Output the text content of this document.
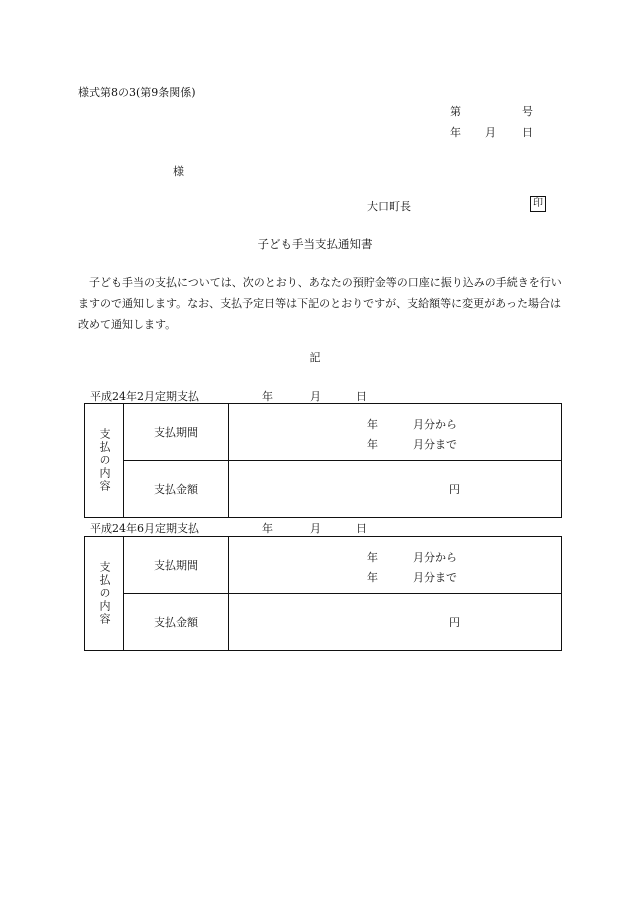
様式第8の3(第9条関係)
第	号
年 月 日
様
大口町長	印
子ども手当支払通知書
子ども手当の支払については、次のとおり、あなたの預貯金等の口座に振り込みの手続きを行いますので通知します。なお、支払予定日等は下記のとおりですが、支給額等に変更があった場合は改めて通知します。
記
平成24年2月定期支払	年	月	日
支払の内容	支払期間	年 月分から
年 月分まで

	支払金額	円
平成24年6月定期支払	年	月	日
支払の内容	支払期間	年 月分から
年 月分まで

	支払金額	円
